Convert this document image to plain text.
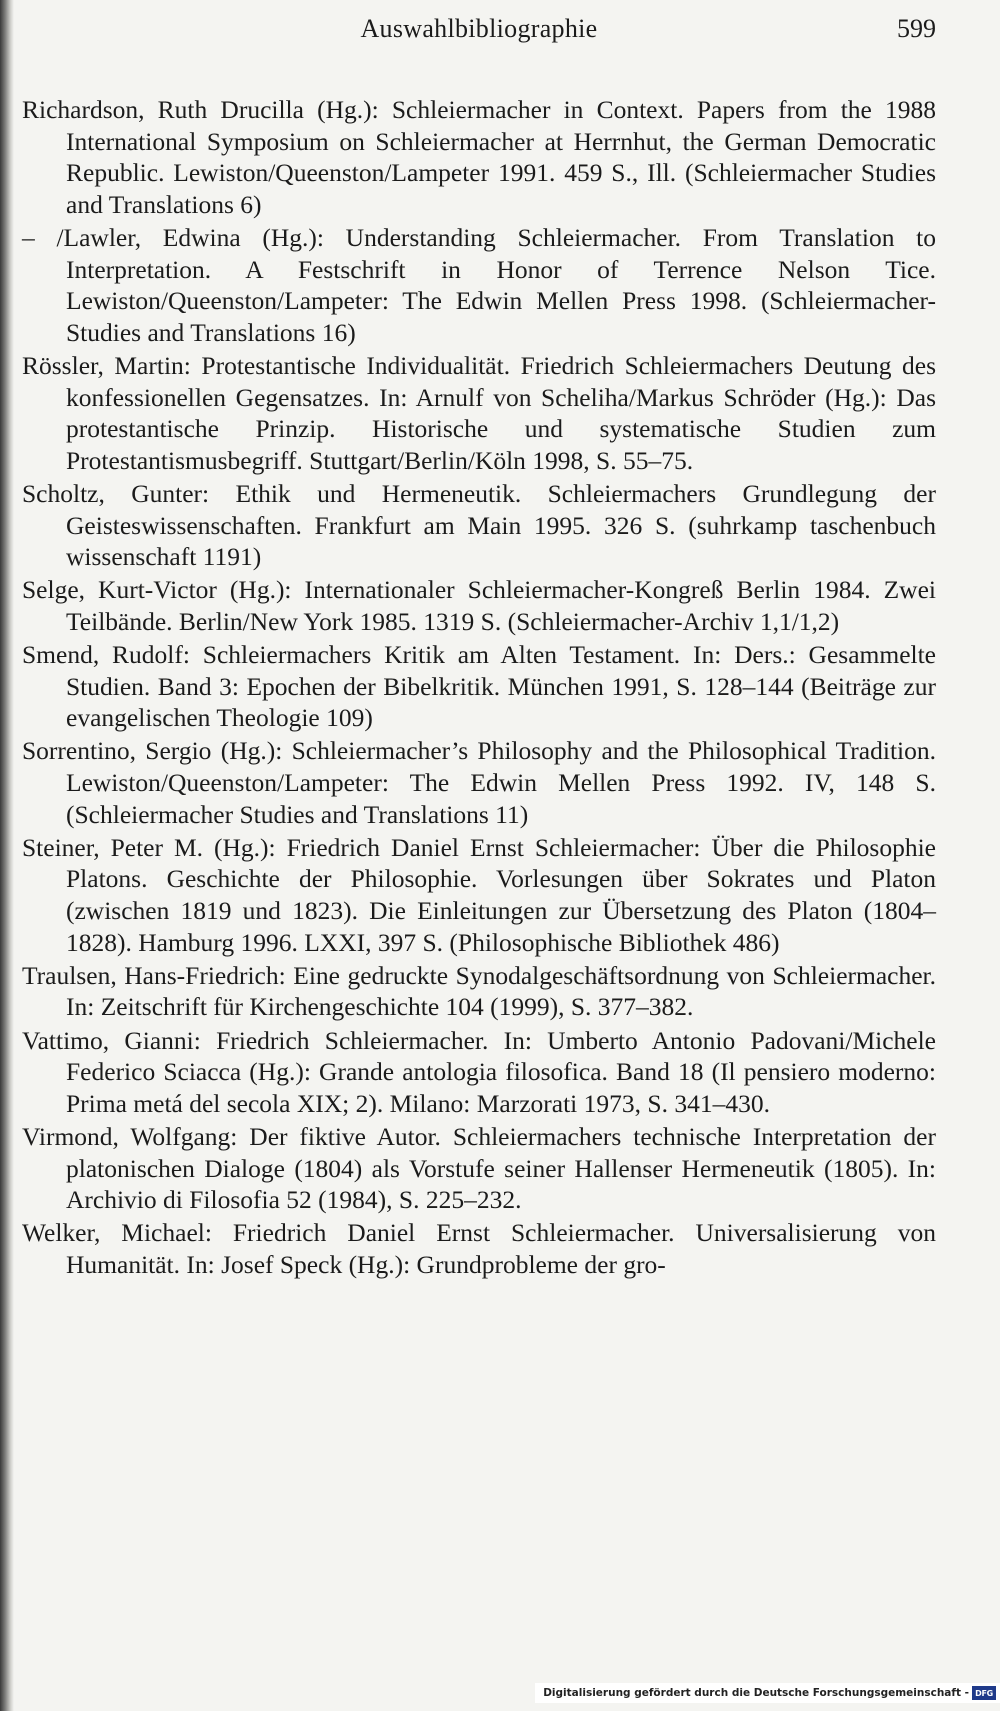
Auswahlbibliographie	599

Richardson, Ruth Drucilla (Hg.): Schleiermacher in Context. Papers from the 1988 International Symposium on Schleiermacher at Herrnhut, the German Democratic Republic. Lewiston/Queenston/Lampeter 1991. 459 S., Ill. (Schleiermacher Studies and Translations 6)

– /Lawler, Edwina (Hg.): Understanding Schleiermacher. From Translation to Interpretation. A Festschrift in Honor of Terrence Nelson Tice. Lewiston/Queenston/Lampeter: The Edwin Mellen Press 1998. (Schleiermacher-Studies and Translations 16)

Rössler, Martin: Protestantische Individualität. Friedrich Schleiermachers Deutung des konfessionellen Gegensatzes. In: Arnulf von Scheliha/Markus Schröder (Hg.): Das protestantische Prinzip. Historische und systematische Studien zum Protestantismusbegriff. Stuttgart/Berlin/Köln 1998, S. 55–75.

Scholtz, Gunter: Ethik und Hermeneutik. Schleiermachers Grundlegung der Geisteswissenschaften. Frankfurt am Main 1995. 326 S. (suhrkamp taschenbuch wissenschaft 1191)

Selge, Kurt-Victor (Hg.): Internationaler Schleiermacher-Kongreß Berlin 1984. Zwei Teilbände. Berlin/New York 1985. 1319 S. (Schleiermacher-Archiv 1,1/1,2)

Smend, Rudolf: Schleiermachers Kritik am Alten Testament. In: Ders.: Gesammelte Studien. Band 3: Epochen der Bibelkritik. München 1991, S. 128–144 (Beiträge zur evangelischen Theologie 109)

Sorrentino, Sergio (Hg.): Schleiermacher’s Philosophy and the Philosophical Tradition. Lewiston/Queenston/Lampeter: The Edwin Mellen Press 1992. IV, 148 S. (Schleiermacher Studies and Translations 11)

Steiner, Peter M. (Hg.): Friedrich Daniel Ernst Schleiermacher: Über die Philosophie Platons. Geschichte der Philosophie. Vorlesungen über Sokrates und Platon (zwischen 1819 und 1823). Die Einleitungen zur Übersetzung des Platon (1804–1828). Hamburg 1996. LXXI, 397 S. (Philosophische Bibliothek 486)

Traulsen, Hans-Friedrich: Eine gedruckte Synodalgeschäftsordnung von Schleiermacher. In: Zeitschrift für Kirchengeschichte 104 (1999), S. 377–382.

Vattimo, Gianni: Friedrich Schleiermacher. In: Umberto Antonio Padovani/Michele Federico Sciacca (Hg.): Grande antologia filosofica. Band 18 (Il pensiero moderno: Prima metá del secola XIX; 2). Milano: Marzorati 1973, S. 341–430.

Virmond, Wolfgang: Der fiktive Autor. Schleiermachers technische Interpretation der platonischen Dialoge (1804) als Vorstufe seiner Hallenser Hermeneutik (1805). In: Archivio di Filosofia 52 (1984), S. 225–232.

Welker, Michael: Friedrich Daniel Ernst Schleiermacher. Universalisierung von Humanität. In: Josef Speck (Hg.): Grundprobleme der gro-

Digitalisierung gefördert durch die Deutsche Forschungsgemeinschaft - DFG
